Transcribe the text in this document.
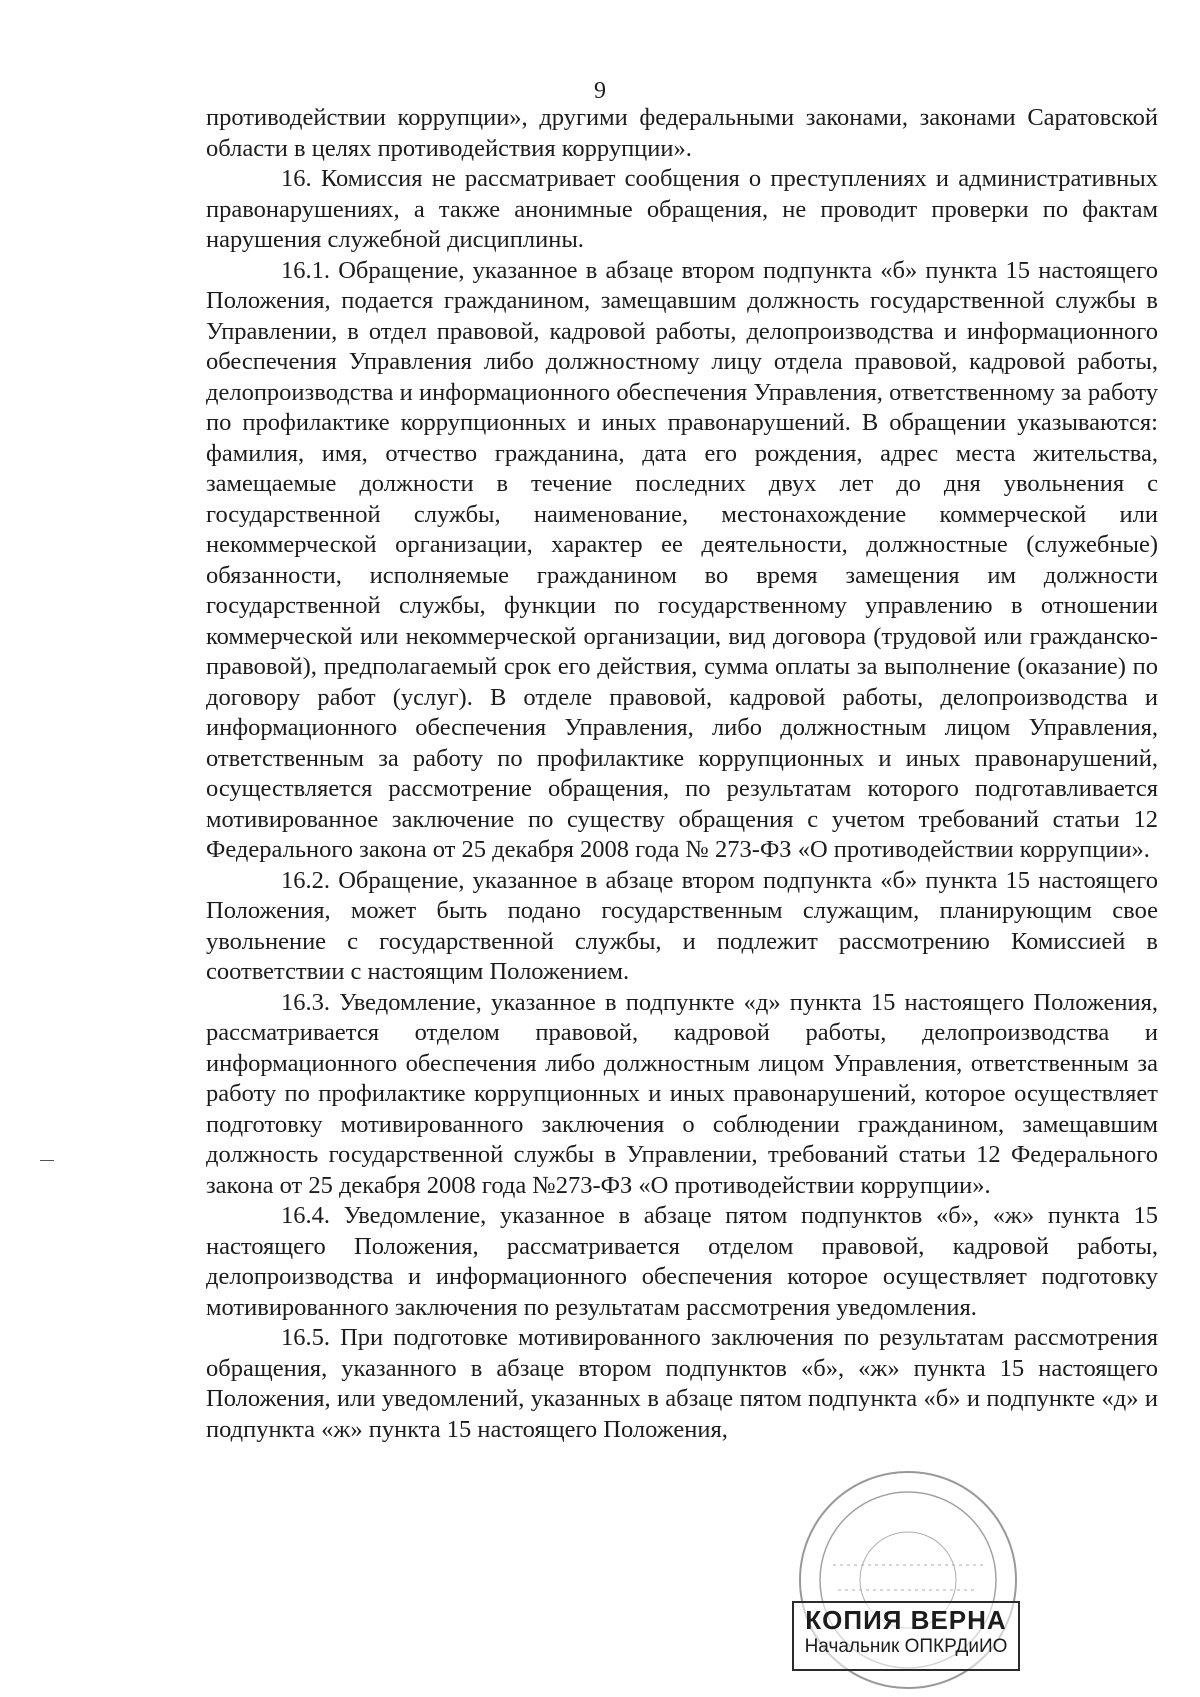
9

противодействии коррупции», другими федеральными законами, законами Саратовской области в целях противодействия коррупции».

16. Комиссия не рассматривает сообщения о преступлениях и административных правонарушениях, а также анонимные обращения, не проводит проверки по фактам нарушения служебной дисциплины.

16.1. Обращение, указанное в абзаце втором подпункта «б» пункта 15 настоящего Положения, подается гражданином, замещавшим должность государственной службы в Управлении, в отдел правовой, кадровой работы, делопроизводства и информационного обеспечения Управления либо должностному лицу отдела правовой, кадровой работы, делопроизводства и информационного обеспечения Управления, ответственному за работу по профилактике коррупционных и иных правонарушений. В обращении указываются: фамилия, имя, отчество гражданина, дата его рождения, адрес места жительства, замещаемые должности в течение последних двух лет до дня увольнения с государственной службы, наименование, местонахождение коммерческой или некоммерческой организации, характер ее деятельности, должностные (служебные) обязанности, исполняемые гражданином во время замещения им должности государственной службы, функции по государственному управлению в отношении коммерческой или некоммерческой организации, вид договора (трудовой или гражданско-правовой), предполагаемый срок его действия, сумма оплаты за выполнение (оказание) по договору работ (услуг). В отделе правовой, кадровой работы, делопроизводства и информационного обеспечения Управления, либо должностным лицом Управления, ответственным за работу по профилактике коррупционных и иных правонарушений, осуществляется рассмотрение обращения, по результатам которого подготавливается мотивированное заключение по существу обращения с учетом требований статьи 12 Федерального закона от 25 декабря 2008 года № 273-ФЗ «О противодействии коррупции».

16.2. Обращение, указанное в абзаце втором подпункта «б» пункта 15 настоящего Положения, может быть подано государственным служащим, планирующим свое увольнение с государственной службы, и подлежит рассмотрению Комиссией в соответствии с настоящим Положением.

16.3. Уведомление, указанное в подпункте «д» пункта 15 настоящего Положения, рассматривается отделом правовой, кадровой работы, делопроизводства и информационного обеспечения либо должностным лицом Управления, ответственным за работу по профилактике коррупционных и иных правонарушений, которое осуществляет подготовку мотивированного заключения о соблюдении гражданином, замещавшим должность государственной службы в Управлении, требований статьи 12 Федерального закона от 25 декабря 2008 года №273-ФЗ «О противодействии коррупции».

16.4. Уведомление, указанное в абзаце пятом подпунктов «б», «ж» пункта 15 настоящего Положения, рассматривается отделом правовой, кадровой работы, делопроизводства и информационного обеспечения которое осуществляет подготовку мотивированного заключения по результатам рассмотрения уведомления.

16.5. При подготовке мотивированного заключения по результатам рассмотрения обращения, указанного в абзаце втором подпунктов «б», «ж» пункта 15 настоящего Положения, или уведомлений, указанных в абзаце пятом подпункта «б» и подпункте «д» и подпункта «ж» пункта 15 настоящего Положения,

КОПИЯ ВЕРНА
Начальник ОПКРДиИО
